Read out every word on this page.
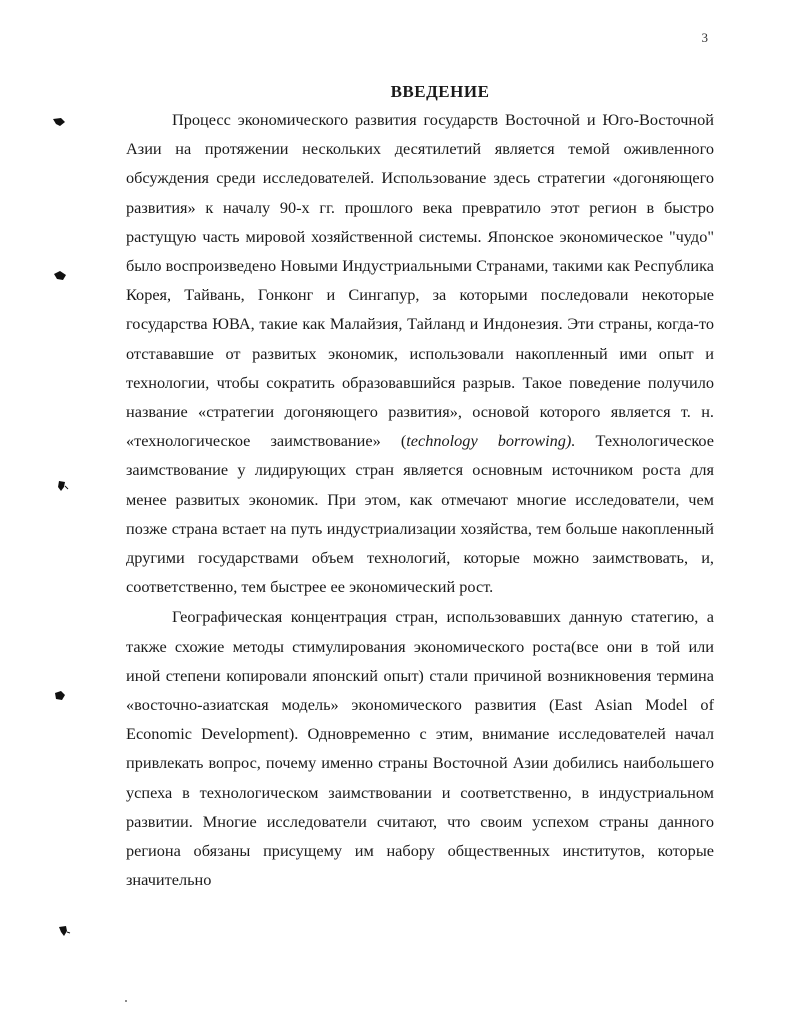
3
ВВЕДЕНИЕ

Процесс экономического развития государств Восточной и Юго-Восточной Азии на протяжении нескольких десятилетий является темой оживленного обсуждения среди исследователей. Использование здесь стратегии «догоняющего развития» к началу 90-х гг. прошлого века превратило этот регион в быстро растущую часть мировой хозяйственной системы. Японское экономическое "чудо" было воспроизведено Новыми Индустриальными Странами, такими как Республика Корея, Тайвань, Гонконг и Сингапур, за которыми последовали некоторые государства ЮВА, такие как Малайзия, Тайланд и Индонезия. Эти страны, когда-то отстававшие от развитых экономик, использовали накопленный ими опыт и технологии, чтобы сократить образовавшийся разрыв. Такое поведение получило название «стратегии догоняющего развития», основой которого является т. н. «технологическое заимствование» (technology borrowing). Технологическое заимствование у лидирующих стран является основным источником роста для менее развитых экономик. При этом, как отмечают многие исследователи, чем позже страна встает на путь индустриализации хозяйства, тем больше накопленный другими государствами объем технологий, которые можно заимствовать, и, соответственно, тем быстрее ее экономический рост.

Географическая концентрация стран, использовавших данную статегию, а также схожие методы стимулирования экономического роста(все они в той или иной степени копировали японский опыт) стали причиной возникновения термина «восточно-азиатская модель» экономического развития (East Asian Model of Economic Development). Одновременно с этим, внимание исследователей начал привлекать вопрос, почему именно страны Восточной Азии добились наибольшего успеха в технологическом заимствовании и соответственно, в индустриальном развитии. Многие исследователи считают, что своим успехом страны данного региона обязаны присущему им набору общественных институтов, которые значительно
